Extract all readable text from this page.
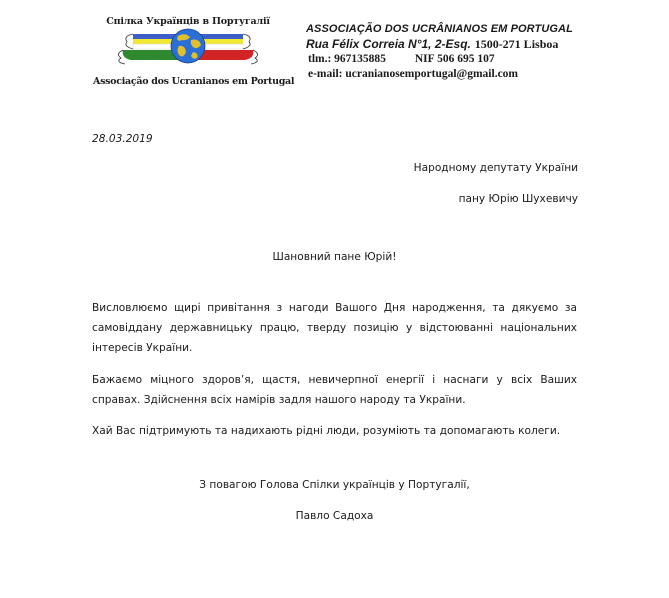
Спілка Українців в Португалії
Associação dos Ucranianos em Portugal
ASSOCIAÇÃO DOS UCRÂNIANOS EM PORTUGAL
Rua Félix Correia N°1, 2-Esq. 1500-271 Lisboa
tlm.: 967135885	NIF 506 695 107
e-mail: ucranianosemportugal@gmail.com
28.03.2019
Народному депутату України
пану Юрію Шухевичу
Шановний пане Юрій!
Висловлюємо щирі привітання з нагоди Вашого Дня народження, та дякуємо за самовіддану державницьку працю, тверду позицію у відстоюванні національних інтересів України.
Бажаємо міцного здоров’я, щастя, невичерпної енергії і наснаги у всіх Ваших справах. Здійснення всіх намірів задля нашого народу та України.
Хай Вас підтримують та надихають рідні люди, розуміють та допомагають колеги.
З повагою Голова Спілки українців у Португалії,
Павло Садоха
